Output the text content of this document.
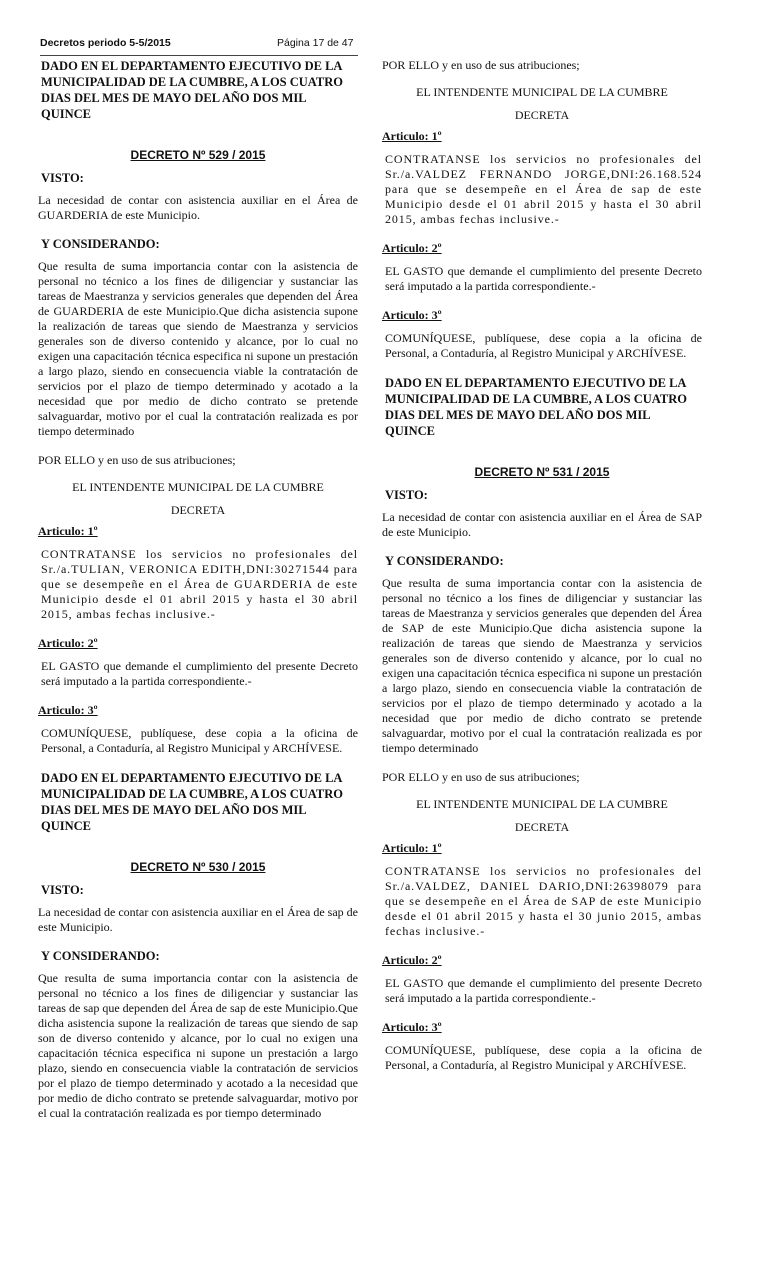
Decretos periodo 5-5/2015	Página 17 de 47

DADO EN EL DEPARTAMENTO EJECUTIVO DE LA MUNICIPALIDAD DE LA CUMBRE, A LOS CUATRO DIAS DEL MES DE MAYO DEL AÑO DOS MIL QUINCE

DECRETO Nº 529 / 2015

VISTO:

La necesidad de contar con asistencia auxiliar en el Área de GUARDERIA de este Municipio.

Y CONSIDERANDO:

Que resulta de suma importancia contar con la asistencia de personal no técnico a los fines de diligenciar y sustanciar las tareas de Maestranza y servicios generales que dependen del Área de GUARDERIA de este Municipio.Que dicha asistencia supone la realización de tareas que siendo de Maestranza y servicios generales son de diverso contenido y alcance, por lo cual no exigen una capacitación técnica especifica ni supone un prestación a largo plazo, siendo en consecuencia viable la contratación de servicios por el plazo de tiempo determinado y acotado a la necesidad que por medio de dicho contrato se pretende salvaguardar, motivo por el cual la contratación realizada es por tiempo determinado

POR ELLO y en uso de sus atribuciones;

EL INTENDENTE MUNICIPAL DE LA CUMBRE

DECRETA

Articulo: 1º

CONTRATANSE los servicios no profesionales del Sr./a.TULIAN, VERONICA EDITH,DNI:30271544 para que se desempeñe en el Área de GUARDERIA de este Municipio desde el 01 abril 2015 y hasta el 30 abril 2015, ambas fechas inclusive.-

Articulo: 2º

EL GASTO que demande el cumplimiento del presente Decreto será imputado a la partida correspondiente.-

Articulo: 3º

COMUNÍQUESE, publíquese, dese copia a la oficina de Personal, a Contaduría, al Registro Municipal y ARCHÍVESE.

DADO EN EL DEPARTAMENTO EJECUTIVO DE LA MUNICIPALIDAD DE LA CUMBRE, A LOS CUATRO DIAS DEL MES DE MAYO DEL AÑO DOS MIL QUINCE

DECRETO Nº 530 / 2015

VISTO:

La necesidad de contar con asistencia auxiliar en el Área de sap de este Municipio.

Y CONSIDERANDO:

Que resulta de suma importancia contar con la asistencia de personal no técnico a los fines de diligenciar y sustanciar las tareas de sap que dependen del Área de sap de este Municipio.Que dicha asistencia supone la realización de tareas que siendo de sap son de diverso contenido y alcance, por lo cual no exigen una capacitación técnica especifica ni supone un prestación a largo plazo, siendo en consecuencia viable la contratación de servicios por el plazo de tiempo determinado y acotado a la necesidad que por medio de dicho contrato se pretende salvaguardar, motivo por el cual la contratación realizada es por tiempo determinado

POR ELLO y en uso de sus atribuciones;

EL INTENDENTE MUNICIPAL DE LA CUMBRE

DECRETA

Articulo: 1º

CONTRATANSE los servicios no profesionales del Sr./a.VALDEZ FERNANDO JORGE,DNI:26.168.524 para que se desempeñe en el Área de sap de este Municipio desde el 01 abril 2015 y hasta el 30 abril 2015, ambas fechas inclusive.-

Articulo: 2º

EL GASTO que demande el cumplimiento del presente Decreto será imputado a la partida correspondiente.-

Articulo: 3º

COMUNÍQUESE, publíquese, dese copia a la oficina de Personal, a Contaduría, al Registro Municipal y ARCHÍVESE.

DADO EN EL DEPARTAMENTO EJECUTIVO DE LA MUNICIPALIDAD DE LA CUMBRE, A LOS CUATRO DIAS DEL MES DE MAYO DEL AÑO DOS MIL QUINCE

DECRETO Nº 531 / 2015

VISTO:

La necesidad de contar con asistencia auxiliar en el Área de SAP de este Municipio.

Y CONSIDERANDO:

Que resulta de suma importancia contar con la asistencia de personal no técnico a los fines de diligenciar y sustanciar las tareas de Maestranza y servicios generales que dependen del Área de SAP de este Municipio.Que dicha asistencia supone la realización de tareas que siendo de Maestranza y servicios generales son de diverso contenido y alcance, por lo cual no exigen una capacitación técnica especifica ni supone un prestación a largo plazo, siendo en consecuencia viable la contratación de servicios por el plazo de tiempo determinado y acotado a la necesidad que por medio de dicho contrato se pretende salvaguardar, motivo por el cual la contratación realizada es por tiempo determinado

POR ELLO y en uso de sus atribuciones;

EL INTENDENTE MUNICIPAL DE LA CUMBRE

DECRETA

Articulo: 1º

CONTRATANSE los servicios no profesionales del Sr./a.VALDEZ, DANIEL DARIO,DNI:26398079 para que se desempeñe en el Área de SAP de este Municipio desde el 01 abril 2015 y hasta el 30 junio 2015, ambas fechas inclusive.-

Articulo: 2º

EL GASTO que demande el cumplimiento del presente Decreto será imputado a la partida correspondiente.-

Articulo: 3º

COMUNÍQUESE, publíquese, dese copia a la oficina de Personal, a Contaduría, al Registro Municipal y ARCHÍVESE.
